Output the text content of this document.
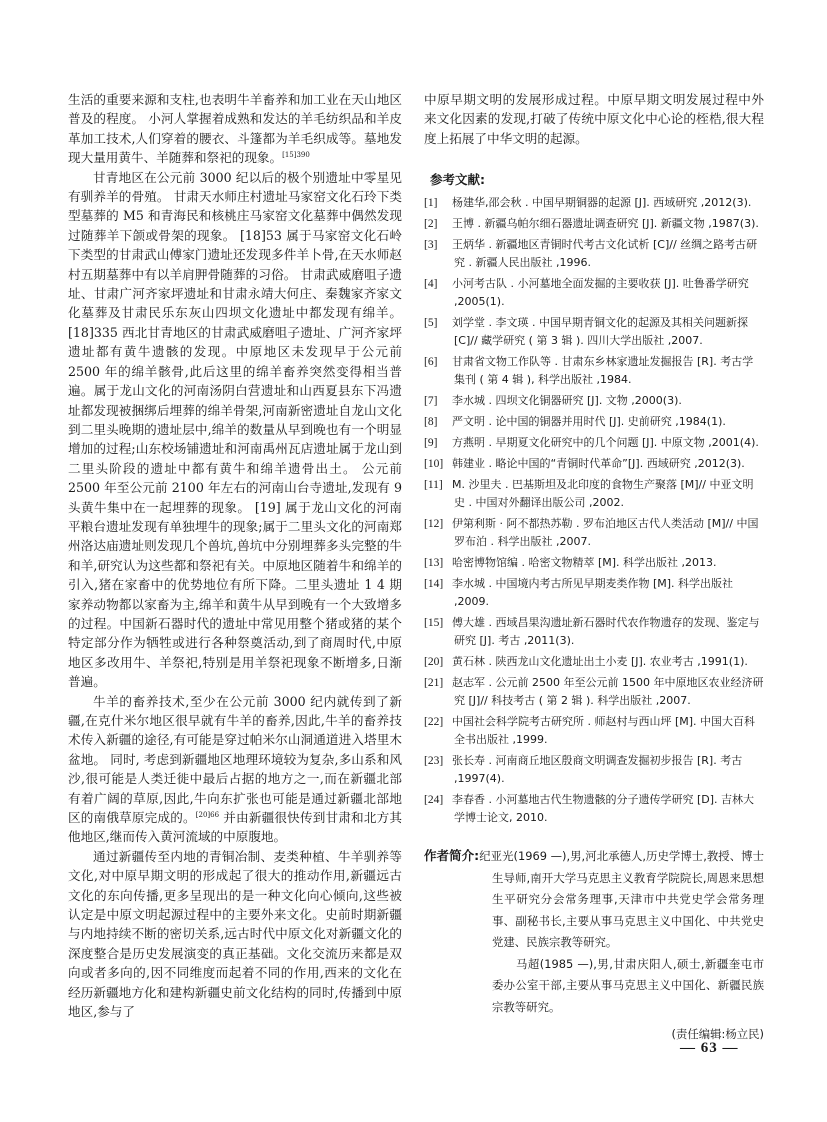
生活的重要来源和支柱,也表明牛羊畜养和加工业在天山地区普及的程度。 小河人掌握着成熟和发达的羊毛纺织品和羊皮革加工技术,人们穿着的腰衣、斗篷都为羊毛织成等。墓地发现大量用黄牛、羊随葬和祭祀的现象。$^{[15]390}$

甘青地区在公元前 3000 纪以后的极个别遗址中零星见有驯养羊的骨殖。 甘肃天水师庄村遗址马家窑文化石玲下类型墓葬的 M5 和青海民和核桃庄马家窑文化墓葬中偶然发现过随葬羊下颌或骨架的现象。 [18]53 属于马家窑文化石岭下类型的甘肃武山傅家门遗址还发现多件羊卜骨,在天水师赵村五期墓葬中有以羊肩胛骨随葬的习俗。 甘肃武威磨咀子遗址、甘肃广河齐家坪遗址和甘肃永靖大何庄、秦魏家齐家文化墓葬及甘肃民乐东灰山四坝文化遗址中都发现有绵羊。 [18]335 西北甘青地区的甘肃武威磨咀子遗址、广河齐家坪遗址都有黄牛遗骸的发现。中原地区未发现早于公元前 2500 年的绵羊骸骨,此后这里的绵羊畜养突然变得相当普遍。属于龙山文化的河南汤阴白营遗址和山西夏县东下冯遗址都发现被捆绑后埋葬的绵羊骨架,河南新密遗址自龙山文化到二里头晚期的遗址层中,绵羊的数量从早到晚也有一个明显增加的过程;山东校场铺遗址和河南禹州瓦店遗址属于龙山到二里头阶段的遗址中都有黄牛和绵羊遗骨出土。 公元前 2500 年至公元前 2100 年左右的河南山台寺遗址,发现有 9 头黄牛集中在一起埋葬的现象。 [19] 属于龙山文化的河南平粮台遗址发现有单独埋牛的现象;属于二里头文化的河南郑州洛达庙遗址则发现几个兽坑,兽坑中分别埋葬多头完整的牛和羊,研究认为这些都和祭祀有关。中原地区随着牛和绵羊的引入,猪在家畜中的优势地位有所下降。二里头遗址 1 4 期家养动物都以家畜为主,绵羊和黄牛从早到晚有一个大致增多的过程。中国新石器时代的遗址中常见用整个猪或猪的某个特定部分作为牺牲或进行各种祭奠活动,到了商周时代,中原地区多改用牛、羊祭祀,特别是用羊祭祀现象不断增多,日渐普遍。

牛羊的畜养技术,至少在公元前 3000 纪内就传到了新疆,在克什米尔地区很早就有牛羊的畜养,因此,牛羊的畜养技术传入新疆的途径,有可能是穿过帕米尔山洞通道进入塔里木盆地。 同时, 考虑到新疆地区地理环境较为复杂,多山系和风沙,很可能是人类迁徙中最后占据的地方之一,而在新疆北部有着广阔的草原,因此,牛向东扩张也可能是通过新疆北部地区的南俄草原完成的。$^{[20]66}$ 并由新疆很快传到甘肃和北方其他地区,继而传入黄河流域的中原腹地。

通过新疆传至内地的青铜冶制、麦类种植、牛羊驯养等文化,对中原早期文明的形成起了很大的推动作用,新疆远古文化的东向传播,更多呈现出的是一种文化向心倾向,这些被认定是中原文明起源过程中的主要外来文化。史前时期新疆与内地持续不断的密切关系,远古时代中原文化对新疆文化的深度整合是历史发展演变的真正基础。文化交流历来都是双向或者多向的,因不同维度而起着不同的作用,西来的文化在经历新疆地方化和建构新疆史前文化结构的同时,传播到中原地区,参与了

中原早期文明的发展形成过程。中原早期文明发展过程中外来文化因素的发现,打破了传统中原文化中心论的桎梏,很大程度上拓展了中华文明的起源。

参考文献:
[1] 杨建华,邵会秋 . 中国早期铜器的起源 [J]. 西域研究 ,2012(3).
[2] 王博 . 新疆乌帕尔细石器遗址调查研究 [J]. 新疆文物 ,1987(3).
[3] 王炳华 . 新疆地区青铜时代考古文化试析 [C]// 丝绸之路考古研究 . 新疆人民出版社 ,1996.
[4] 小河考古队 . 小河墓地全面发掘的主要收获 [J]. 吐鲁番学研究 ,2005(1).
[5] 刘学堂 . 李文瑛 . 中国早期青铜文化的起源及其相关问题新探 [C]// 藏学研究 ( 第 3 辑 ). 四川大学出版社 ,2007.
[6] 甘肃省文物工作队等 . 甘肃东乡林家遗址发掘报告 [R]. 考古学集刊 ( 第 4 辑 ), 科学出版社 ,1984.
[7] 李水城 . 四坝文化铜器研究 [J]. 文物 ,2000(3).
[8] 严文明 . 论中国的铜器并用时代 [J]. 史前研究 ,1984(1).
[9] 方燕明 . 早期夏文化研究中的几个问题 [J]. 中原文物 ,2001(4).
[10] 韩建业 . 略论中国的“青铜时代革命”[J]. 西域研究 ,2012(3).
[11] M. 沙里夫 . 巴基斯坦及北印度的食物生产聚落 [M]// 中亚文明史 . 中国对外翻译出版公司 ,2002.
[12] 伊第利斯 · 阿不都热苏勒 . 罗布泊地区古代人类活动 [M]// 中国罗布泊 . 科学出版社 ,2007.
[13] 哈密博物馆编 . 哈密文物精萃 [M]. 科学出版社 ,2013.
[14] 李水城 . 中国境内考古所见早期麦类作物 [M]. 科学出版社 ,2009.
[15] 傅大雄 . 西域昌果沟遗址新石器时代农作物遗存的发现、鉴定与研究 [J]. 考古 ,2011(3).
[20] 黄石林 . 陕西龙山文化遗址出土小麦 [J]. 农业考古 ,1991(1).
[21] 赵志军 . 公元前 2500 年至公元前 1500 年中原地区农业经济研究 [J]// 科技考古 ( 第 2 辑 ). 科学出版社 ,2007.
[22] 中国社会科学院考古研究所 . 师赵村与西山坪 [M]. 中国大百科全书出版社 ,1999.
[23] 张长寿 . 河南商丘地区殷商文明调查发掘初步报告 [R]. 考古 ,1997(4).
[24] 李春香 . 小河墓地古代生物遗骸的分子遗传学研究 [D]. 吉林大学博士论文, 2010.

作者简介:纪亚光(1969 —),男,河北承德人,历史学博士,教授、博士生导师,南开大学马克思主义教育学院院长,周恩来思想生平研究分会常务理事,天津市中共党史学会常务理事、副秘书长,主要从事马克思主义中国化、中共党史党建、民族宗教等研究。

马超(1985 —),男,甘肃庆阳人,硕士,新疆奎屯市委办公室干部,主要从事马克思主义中国化、新疆民族宗教等研究。

(责任编辑:杨立民)

— 63 —
